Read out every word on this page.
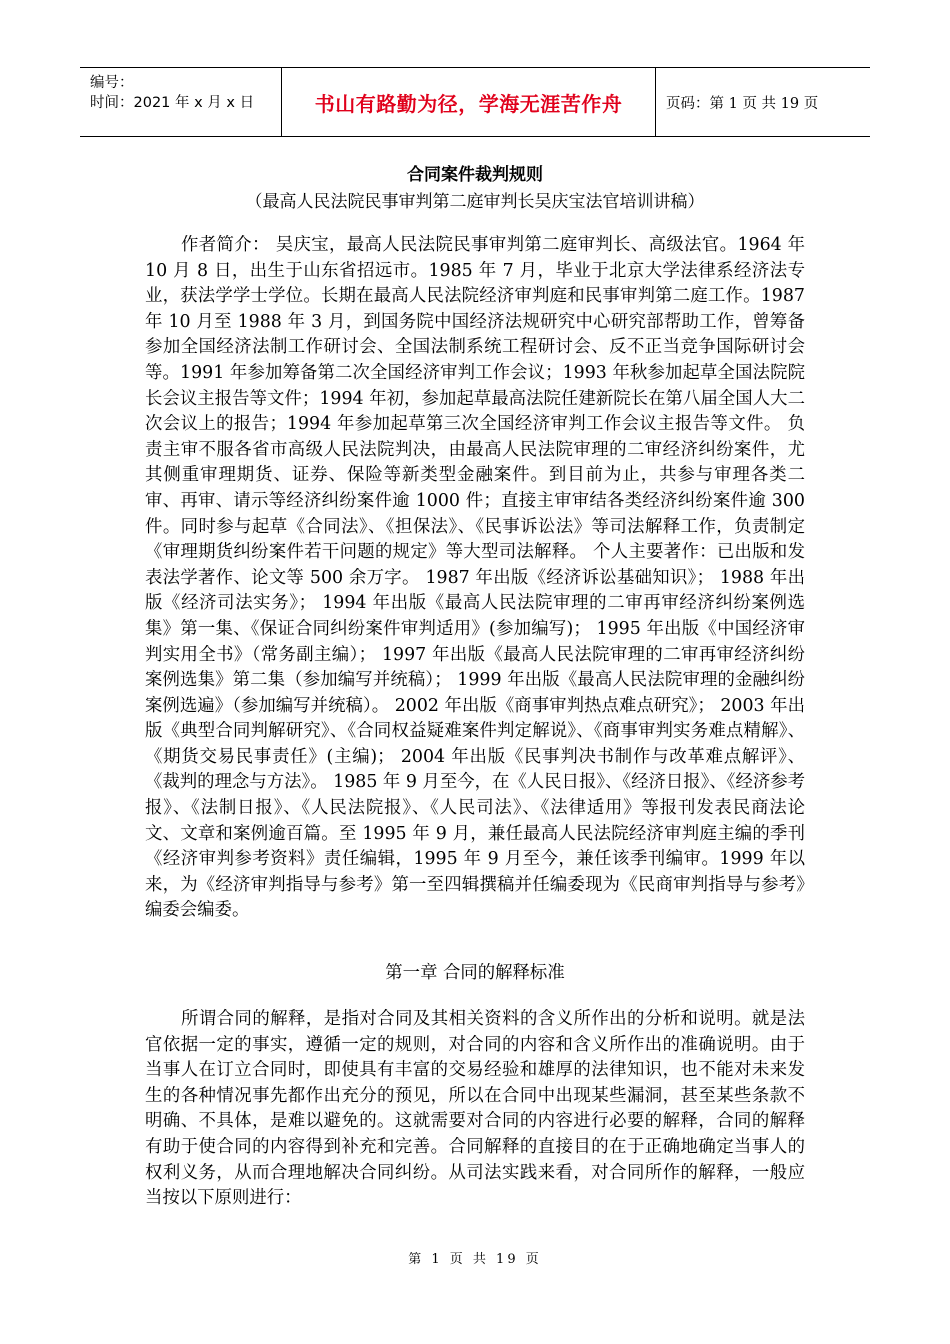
编号：
时间：2021 年 x 月 x 日	书山有路勤为径，学海无涯苦作舟	页码：第 1 页 共 19 页
合同案件裁判规则
（最高人民法院民事审判第二庭审判长吴庆宝法官培训讲稿）

作者简介： 吴庆宝，最高人民法院民事审判第二庭审判长、高级法官。1964 年 10 月 8 日，出生于山东省招远市。1985 年 7 月，毕业于北京大学法律系经济法专业，获法学学士学位。长期在最高人民法院经济审判庭和民事审判第二庭工作。1987 年 10 月至 1988 年 3 月，到国务院中国经济法规研究中心研究部帮助工作，曾筹备参加全国经济法制工作研讨会、全国法制系统工程研讨会、反不正当竞争国际研讨会等。1991 年参加筹备第二次全国经济审判工作会议；1993 年秋参加起草全国法院院长会议主报告等文件；1994 年初，参加起草最高法院任建新院长在第八届全国人大二次会议上的报告；1994 年参加起草第三次全国经济审判工作会议主报告等文件。 负责主审不服各省市高级人民法院判决，由最高人民法院审理的二审经济纠纷案件，尤其侧重审理期货、证券、保险等新类型金融案件。到目前为止，共参与审理各类二审、再审、请示等经济纠纷案件逾 1000 件；直接主审审结各类经济纠纷案件逾 300 件。同时参与起草《合同法》、《担保法》、《民事诉讼法》等司法解释工作，负责制定《审理期货纠纷案件若干问题的规定》等大型司法解释。 个人主要著作：已出版和发表法学著作、论文等 500 余万字。 1987 年出版《经济诉讼基础知识》； 1988 年出版《经济司法实务》； 1994 年出版《最高人民法院审理的二审再审经济纠纷案例选集》第一集、《保证合同纠纷案件审判适用》(参加编写)； 1995 年出版《中国经济审判实用全书》（常务副主编）； 1997 年出版《最高人民法院审理的二审再审经济纠纷案例选集》第二集（参加编写并统稿）； 1999 年出版《最高人民法院审理的金融纠纷案例选遍》（参加编写并统稿）。 2002 年出版《商事审判热点难点研究》； 2003 年出版《典型合同判解研究》、《合同权益疑难案件判定解说》、《商事审判实务难点精解》、《期货交易民事责任》(主编)； 2004 年出版《民事判决书制作与改革难点解评》、《裁判的理念与方法》。 1985 年 9 月至今，在《人民日报》、《经济日报》、《经济参考报》、《法制日报》、《人民法院报》、《人民司法》、《法律适用》等报刊发表民商法论文、文章和案例逾百篇。至 1995 年 9 月，兼任最高人民法院经济审判庭主编的季刊《经济审判参考资料》责任编辑，1995 年 9 月至今，兼任该季刊编审。1999 年以来，为《经济审判指导与参考》第一至四辑撰稿并任编委现为《民商审判指导与参考》编委会编委。

第一章 合同的解释标准

所谓合同的解释，是指对合同及其相关资料的含义所作出的分析和说明。就是法官依据一定的事实，遵循一定的规则，对合同的内容和含义所作出的准确说明。由于当事人在订立合同时，即使具有丰富的交易经验和雄厚的法律知识，也不能对未来发生的各种情况事先都作出充分的预见，所以在合同中出现某些漏洞，甚至某些条款不明确、不具体，是难以避免的。这就需要对合同的内容进行必要的解释，合同的解释有助于使合同的内容得到补充和完善。合同解释的直接目的在于正确地确定当事人的权利义务，从而合理地解决合同纠纷。从司法实践来看，对合同所作的解释，一般应当按以下原则进行：

第 1 页 共 19 页
